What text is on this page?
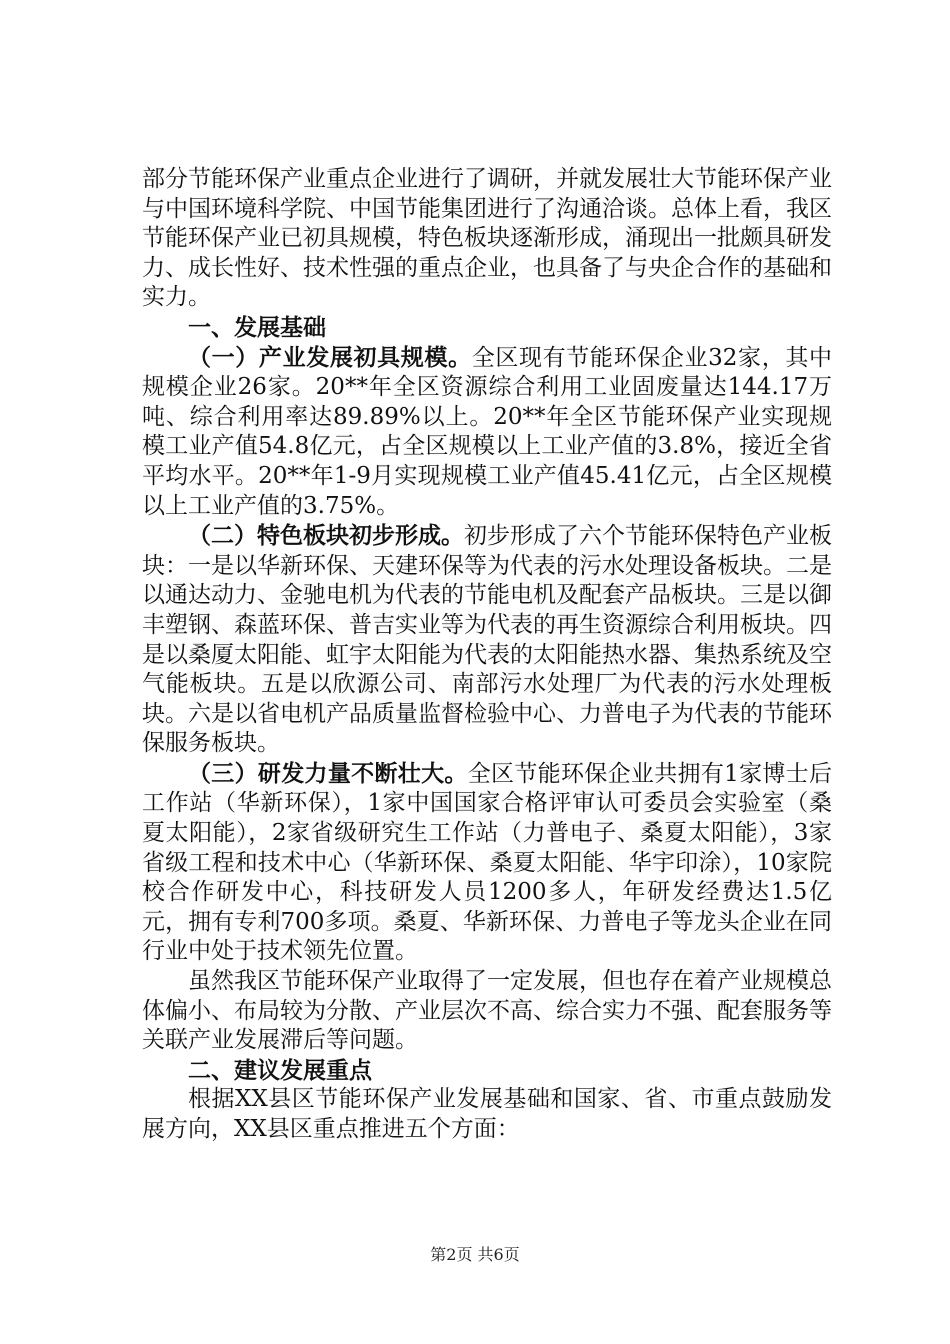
部分节能环保产业重点企业进行了调研，并就发展壮大节能环保产业与中国环境科学院、中国节能集团进行了沟通洽谈。总体上看，我区节能环保产业已初具规模，特色板块逐渐形成，涌现出一批颇具研发力、成长性好、技术性强的重点企业，也具备了与央企合作的基础和实力。

一、发展基础

（一）产业发展初具规模。全区现有节能环保企业32家，其中规模企业26家。20**年全区资源综合利用工业固废量达144.17万吨、综合利用率达89.89%以上。20**年全区节能环保产业实现规模工业产值54.8亿元，占全区规模以上工业产值的3.8%，接近全省平均水平。20**年1-9月实现规模工业产值45.41亿元，占全区规模以上工业产值的3.75%。

（二）特色板块初步形成。初步形成了六个节能环保特色产业板块：一是以华新环保、天建环保等为代表的污水处理设备板块。二是以通达动力、金驰电机为代表的节能电机及配套产品板块。三是以御丰塑钢、森蓝环保、普吉实业等为代表的再生资源综合利用板块。四是以桑厦太阳能、虹宇太阳能为代表的太阳能热水器、集热系统及空气能板块。五是以欣源公司、南部污水处理厂为代表的污水处理板块。六是以省电机产品质量监督检验中心、力普电子为代表的节能环保服务板块。

（三）研发力量不断壮大。全区节能环保企业共拥有1家博士后工作站（华新环保），1家中国国家合格评审认可委员会实验室（桑夏太阳能），2家省级研究生工作站（力普电子、桑夏太阳能），3家省级工程和技术中心（华新环保、桑夏太阳能、华宇印涂），10家院校合作研发中心，科技研发人员1200多人，年研发经费达1.5亿元，拥有专利700多项。桑夏、华新环保、力普电子等龙头企业在同行业中处于技术领先位置。

虽然我区节能环保产业取得了一定发展，但也存在着产业规模总体偏小、布局较为分散、产业层次不高、综合实力不强、配套服务等关联产业发展滞后等问题。

二、建议发展重点

根据XX县区节能环保产业发展基础和国家、省、市重点鼓励发展方向，XX县区重点推进五个方面：

第2页 共6页
